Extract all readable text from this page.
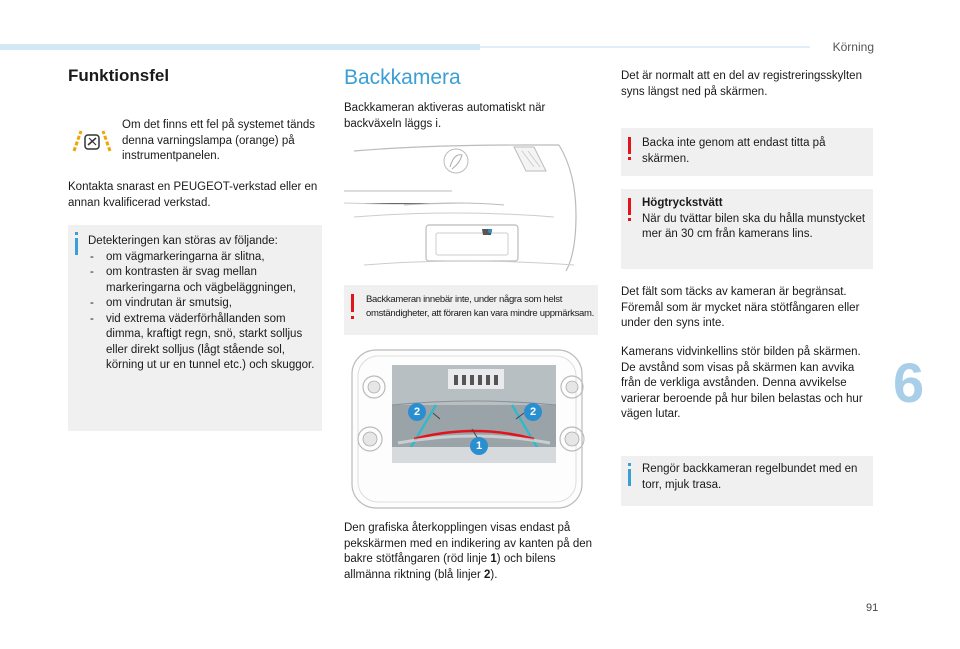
Körning
6
91
Funktionsfel
Om det finns ett fel på systemet tänds denna varningslampa (orange) på instrumentpanelen.
Kontakta snarast en PEUGEOT-verkstad eller en annan kvalificerad verkstad.
Detekteringen kan störas av följande:
- om vägmarkeringarna är slitna,
- om kontrasten är svag mellan markeringarna och vägbeläggningen,
- om vindrutan är smutsig,
- vid extrema väderförhållanden som dimma, kraftigt regn, snö, starkt solljus eller direkt solljus (lågt stående sol, körning ut ur en tunnel etc.) och skuggor.
Backkamera
Backkameran aktiveras automatiskt när backväxeln läggs i.
Backkameran innebär inte, under några som helst omständigheter, att föraren kan vara mindre uppmärksam.
2	2
1
Den grafiska återkopplingen visas endast på pekskärmen med en indikering av kanten på den bakre stötfångaren (röd linje 1) och bilens allmänna riktning (blå linjer 2).
Det är normalt att en del av registreringsskylten syns längst ned på skärmen.
Backa inte genom att endast titta på skärmen.
Högtryckstvätt
När du tvättar bilen ska du hålla munstycket mer än 30 cm från kamerans lins.
Det fält som täcks av kameran är begränsat. Föremål som är mycket nära stötfångaren eller under den syns inte.
Kamerans vidvinkellins stör bilden på skärmen. De avstånd som visas på skärmen kan avvika från de verkliga avstånden. Denna avvikelse varierar beroende på hur bilen belastas och hur vägen lutar.
Rengör backkameran regelbundet med en torr, mjuk trasa.
